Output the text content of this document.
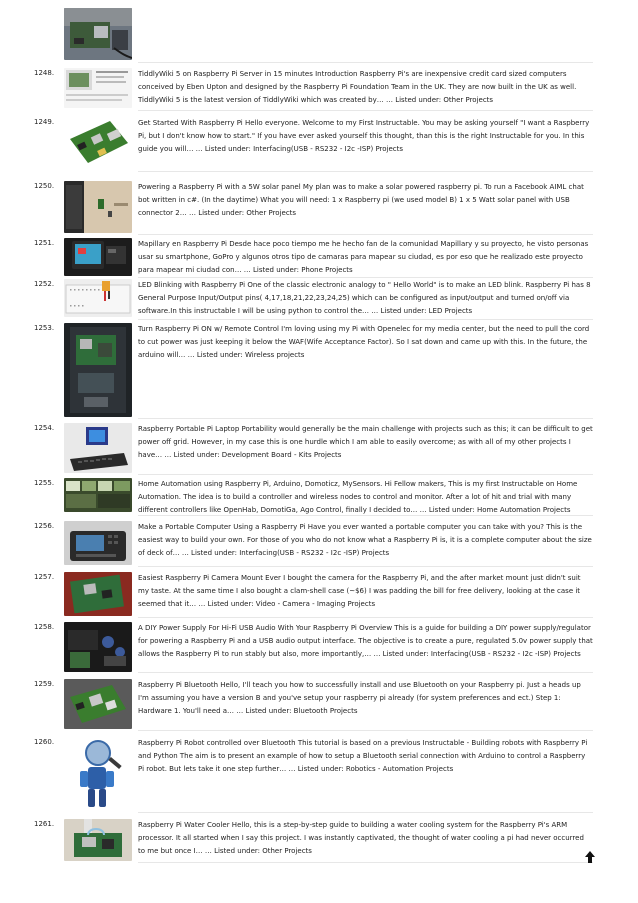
1248.	TiddlyWiki 5 on Raspberry Pi Server in 15 minutes Introduction Raspberry Pi's are inexpensive credit card sized computers conceived by Eben Upton and designed by the Raspberry Pi Foundation Team in the UK. They are now built in the UK as well. TiddlyWiki 5 is the latest version of TiddlyWiki which was created by… … Listed under: Other Projects
1249.	Get Started With Raspberry Pi Hello everyone. Welcome to my First Instructable. You may be asking yourself "I want a Raspberry Pi, but I don't know how to start." If you have ever asked yourself this thought, than this is the right Instructable for you. In this guide you will… … Listed under: Interfacing(USB - RS232 - I2c -ISP) Projects
1250.	Powering a Raspberry Pi with a 5W solar panel My plan was to make a solar powered raspberry pi. To run a Facebook AIML chat bot written in c#. (In the daytime) What you will need: 1 x Raspberry pi (we used model B) 1 x 5 Watt solar panel with USB connector 2… … Listed under: Other Projects
1251.	Mapillary en Raspberry Pi Desde hace poco tiempo me he hecho fan de la comunidad Mapillary y su proyecto, he visto personas usar su smartphone, GoPro y algunos otros tipo de camaras para mapear su ciudad, es por eso que he realizado este proyecto para mapear mi ciudad con… … Listed under: Phone Projects
1252.	LED Blinking with Raspberry Pi One of the classic electronic analogy to " Hello World" is to make an LED blink. Raspberry Pi has 8 General Purpose Input/Output pins( 4,17,18,21,22,23,24,25) which can be configured as input/output and turned on/off via software.In this instructable I will be using python to control the… … Listed under: LED Projects
1253.	Turn Raspberry Pi ON w/ Remote Control I'm loving using my Pi with Openelec for my media center, but the need to pull the cord to cut power was just keeping it below the WAF(Wife Acceptance Factor). So I sat down and came up with this. In the future, the arduino will… … Listed under: Wireless projects
1254.	Raspberry Portable Pi Laptop Portability would generally be the main challenge with projects such as this; it can be difficult to get power off grid. However, in my case this is one hurdle which I am able to easily overcome; as with all of my other projects I have… … Listed under: Development Board - Kits Projects
1255.	Home Automation using Raspberry Pi, Arduino, Domoticz, MySensors. Hi Fellow makers, This is my first Instructable on Home Automation. The idea is to build a controller and wireless nodes to control and monitor. After a lot of hit and trial with many different controllers like OpenHab, DomotiGa, Ago Control, finally I decided to… … Listed under: Home Automation Projects
1256.	Make a Portable Computer Using a Raspberry Pi Have you ever wanted a portable computer you can take with you? This is the easiest way to build your own. For those of you who do not know what a Raspberry Pi is, it is a complete computer about the size of deck of… … Listed under: Interfacing(USB - RS232 - I2c -ISP) Projects
1257.	Easiest Raspberry Pi Camera Mount Ever I bought the camera for the Raspberry Pi, and the after market mount just didn't suit my taste. At the same time I also bought a clam-shell case (~$6) I was padding the bill for free delivery, looking at the case it seemed that it… … Listed under: Video - Camera - Imaging Projects
1258.	A DIY Power Supply For Hi-Fi USB Audio With Your Raspberry Pi Overview This is a guide for building a DIY power supply/regulator for powering a Raspberry Pi and a USB audio output interface. The objective is to create a pure, regulated 5.0v power supply that allows the Raspberry Pi to run stably but also, more importantly,… … Listed under: Interfacing(USB - RS232 - I2c -ISP) Projects
1259.	Raspberry Pi Bluetooth Hello, I'll teach you how to successfully install and use Bluetooth on your Raspberry pi. Just a heads up I'm assuming you have a version B and you've setup your raspberry pi already (for system preferences and ect.) Step 1: Hardware 1. You'll need a… … Listed under: Bluetooth Projects
1260.	Raspberry Pi Robot controlled over Bluetooth This tutorial is based on a previous Instructable - Building robots with Raspberry Pi and Python The aim is to present an example of how to setup a Bluetooth serial connection with Arduino to control a Raspberry Pi robot. But lets take it one step further… … Listed under: Robotics - Automation Projects
1261.	Raspberry Pi Water Cooler Hello, this is a step-by-step guide to building a water cooling system for the Raspberry Pi's ARM processor. It all started when I say this project. I was instantly captivated, the thought of water cooling a pi had never occurred to me but once I… … Listed under: Other Projects
